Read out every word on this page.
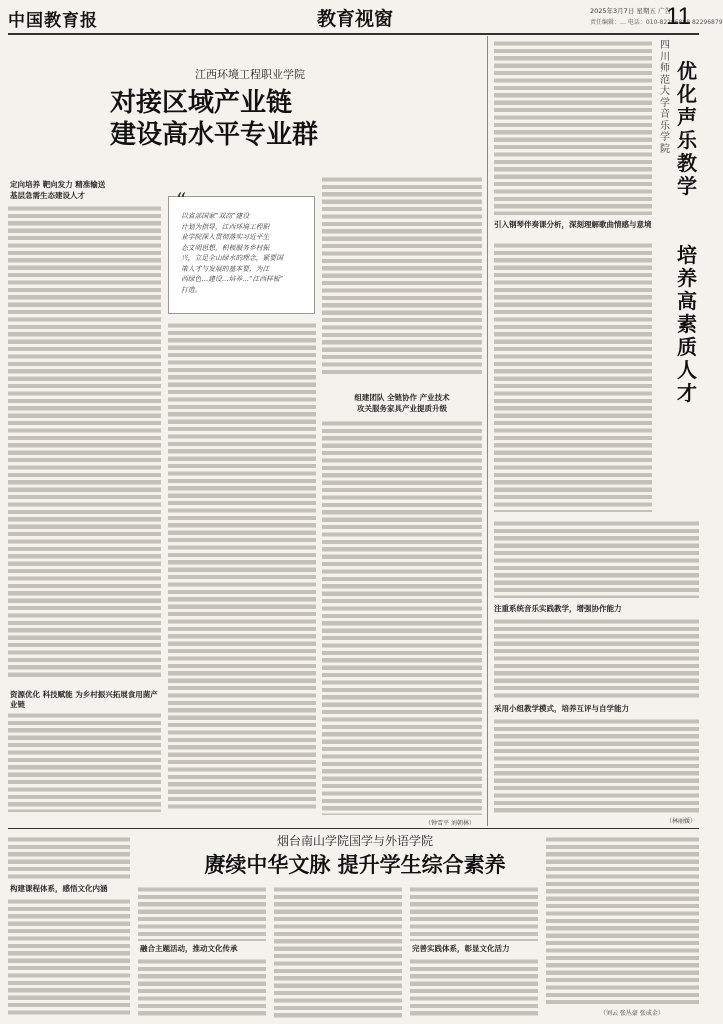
中国教育报	教育视窗	2025年3月7日 星期五 广告
责任编辑：… 电话：010-82296888 82296879
11
江西环境工程职业学院
对接区域产业链
建设高水平专业群
定向培养 靶向发力 精准输送
基层急需生态建设人才
资源优化 科技赋能 为乡村振兴拓展食用菌产业链
以省部国家“双高”建设
计划为指导，江西环境工程职
业学院深入贯彻落实习近平生
态文明思想，积极服务乡村振
兴，立足全山绿水的理念，紧要国
策人才与发展的基本要，为江
西绿色…建设…培养…“江西样板”
打造。
“
组建团队 全链协作 产业技术
攻关服务家具产业提质升级
（钟雪平 刘朝林）
四
川
师
范
大
学
音
乐
学
院
优
化
声
乐
教
学

培
养
高
素
质
人
才
引入钢琴伴奏课分析，深刻理解歌曲情感与意境
注重系统音乐实践教学，增强协作能力
采用小组教学模式，培养互评与自学能力
（林丽媛）
烟台南山学院国学与外语学院
赓续中华文脉 提升学生综合素养
构建课程体系，感悟文化内涵
融合主题活动，推动文化传承	完善实践体系，彰显文化活力
（刘云 张丛豪 张成金）
